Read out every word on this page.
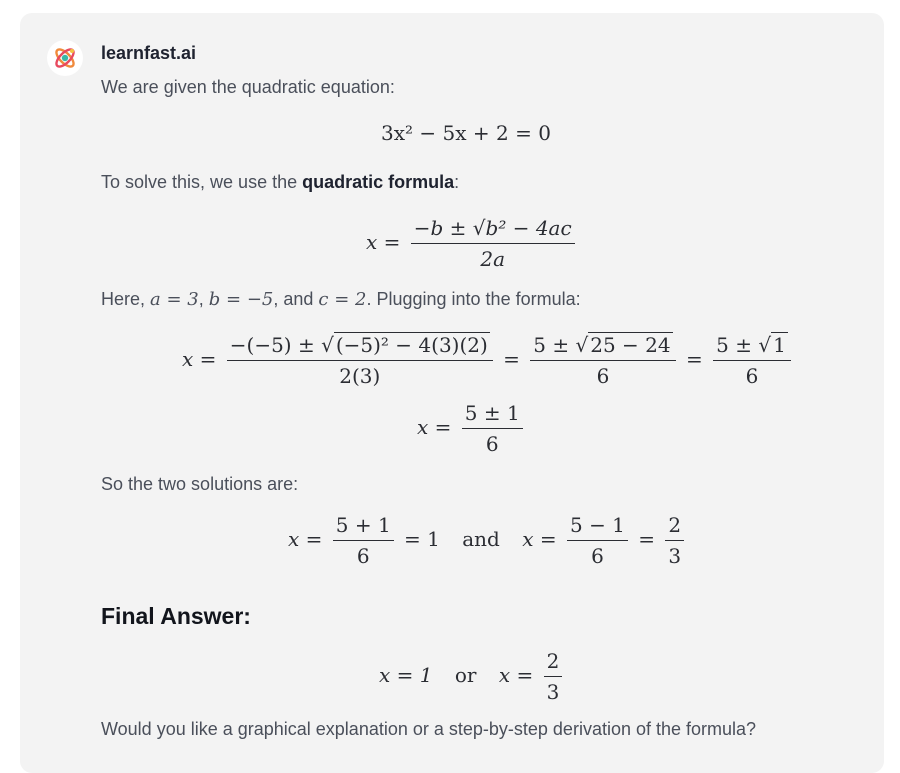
learnfast.ai
We are given the quadratic equation:
3x² − 5x + 2 = 0
To solve this, we use the quadratic formula:
$x = \frac{\text{−b ± √b² − 4ac}}{2a}$
Here, a = 3, b = −5, and c = 2. Plugging into the formula:
$x = \frac{\text{−(−5) ± √ (−5)² − 4(3)(2)}}{2(3)} = \frac{5 \pm √ 25 - 24}{6} = \frac{5 \pm √ 1}{6}$
$x = \frac{5 \pm 1}{6}$
So the two solutions are:
$x = \frac{5 + 1}{6} = 1$ and $x = \frac{5 - 1}{6} = \frac{2}{3}$
Final Answer:
x = 1 or $x = \frac{2}{3}$
Would you like a graphical explanation or a step-by-step derivation of the formula?
